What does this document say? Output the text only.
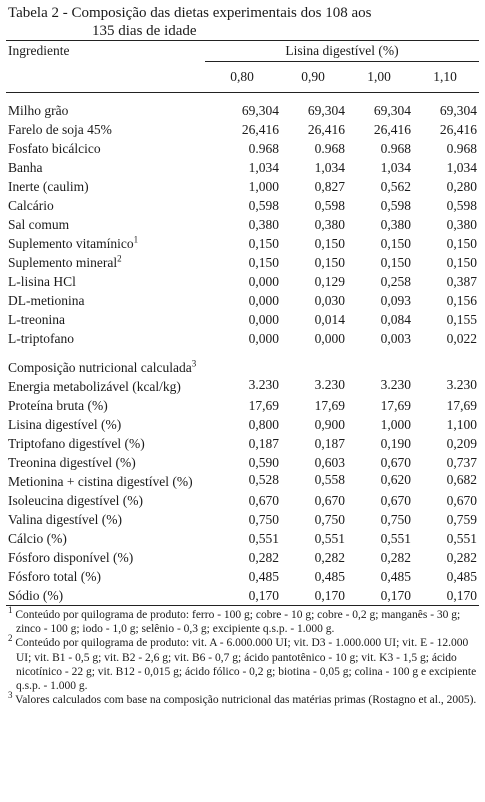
Tabela 2 - Composição das dietas experimentais dos 108 aos
135 dias de idade
Ingrediente	Lisina digestível (%)			
	0,80	0,90	1,00	1,10

Milho grão	69,304	69,304	69,304	69,304
Farelo de soja 45%	26,416	26,416	26,416	26,416
Fosfato bicálcico	0.968	0.968	0.968	0.968
Banha	1,034	1,034	1,034	1,034
Inerte (caulim)	1,000	0,827	0,562	0,280
Calcário	0,598	0,598	0,598	0,598
Sal comum	0,380	0,380	0,380	0,380
Suplemento vitamínico$^1$	0,150	0,150	0,150	0,150
Suplemento mineral$^2$	0,150	0,150	0,150	0,150
L-lisina HCl	0,000	0,129	0,258	0,387
DL-metionina	0,000	0,030	0,093	0,156
L-treonina	0,000	0,014	0,084	0,155
L-triptofano	0,000	0,000	0,003	0,022

Composição nutricional calculada$^3$
Energia metabolizável (kcal/kg)	3.230	3.230	3.230	3.230
Proteína bruta (%)	17,69	17,69	17,69	17,69
Lisina digestível (%)	0,800	0,900	1,000	1,100
Triptofano digestível (%)	0,187	0,187	0,190	0,209
Treonina digestível (%)	0,590	0,603	0,670	0,737
Metionina + cistina digestível (%)	0,528	0,558	0,620	0,682
Isoleucina digestível (%)	0,670	0,670	0,670	0,670
Valina digestível (%)	0,750	0,750	0,750	0,759
Cálcio (%)	0,551	0,551	0,551	0,551
Fósforo disponível (%)	0,282	0,282	0,282	0,282
Fósforo total (%)	0,485	0,485	0,485	0,485
Sódio (%)	0,170	0,170	0,170	0,170
$^1$ Conteúdo por quilograma de produto: ferro - 100 g; cobre - 10 g; cobre - 0,2 g; manganês - 30 g; zinco - 100 g; iodo - 1,0 g; selênio - 0,3 g; excipiente q.s.p. - 1.000 g.
$^2$ Conteúdo por quilograma de produto: vit. A - 6.000.000 UI; vit. D3 - 1.000.000 UI; vit. E - 12.000 UI; vit. B1 - 0,5 g; vit. B2 - 2,6 g; vit. B6 - 0,7 g; ácido pantotênico - 10 g; vit. K3 - 1,5 g; ácido nicotínico - 22 g; vit. B12 - 0,015 g; ácido fólico - 0,2 g; biotina - 0,05 g; colina - 100 g e excipiente q.s.p. - 1.000 g.
$^3$ Valores calculados com base na composição nutricional das matérias primas (Rostagno et al., 2005).
